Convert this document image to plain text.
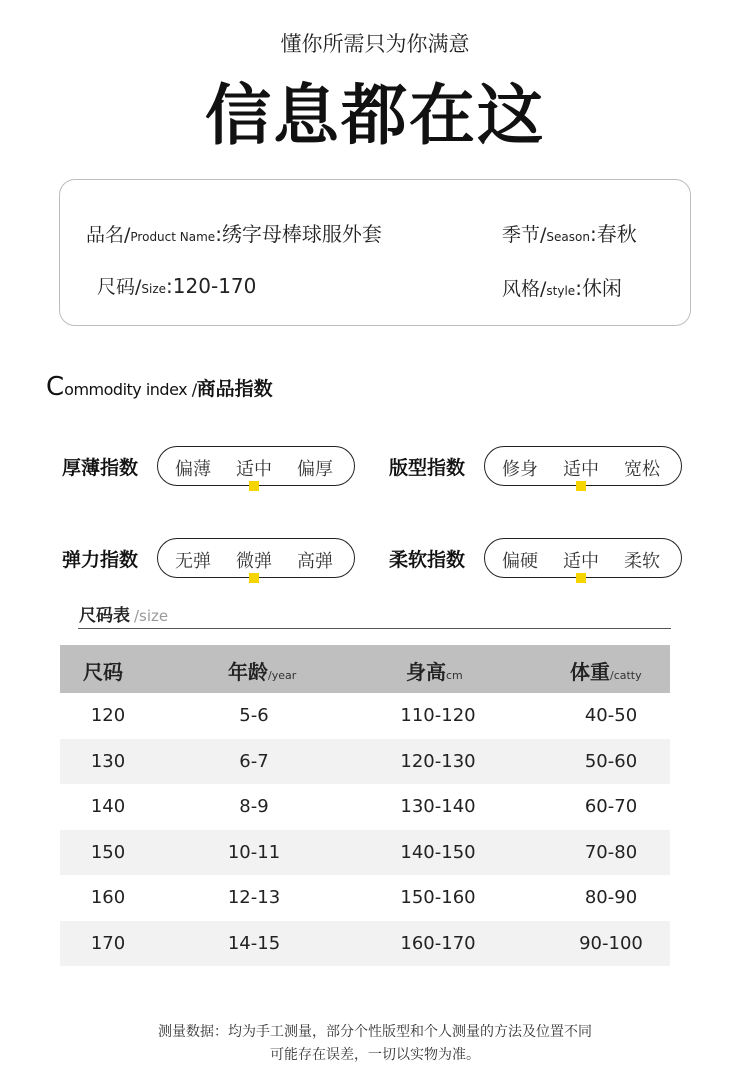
懂你所需只为你满意
信息都在这
品名/ Product Name : 绣字母棒球服外套	季节/ Season : 春秋
尺码/ Size : 120-170	风格/ style : 休闲
C ommodity index / 商品指数
厚薄指数	偏薄 适中 偏厚	版型指数	修身 适中 宽松
弹力指数	无弹 微弹 高弹	柔软指数	偏硬 适中 柔软
尺码表 /size
尺码	年龄/year	身高cm	体重/catty
120	5-6	110-120	40-50
130	6-7	120-130	50-60
140	8-9	130-140	60-70
150	10-11	140-150	70-80
160	12-13	150-160	80-90
170	14-15	160-170	90-100
测量数据：均为手工测量，部分个性版型和个人测量的方法及位置不同
可能存在误差，一切以实物为准。
